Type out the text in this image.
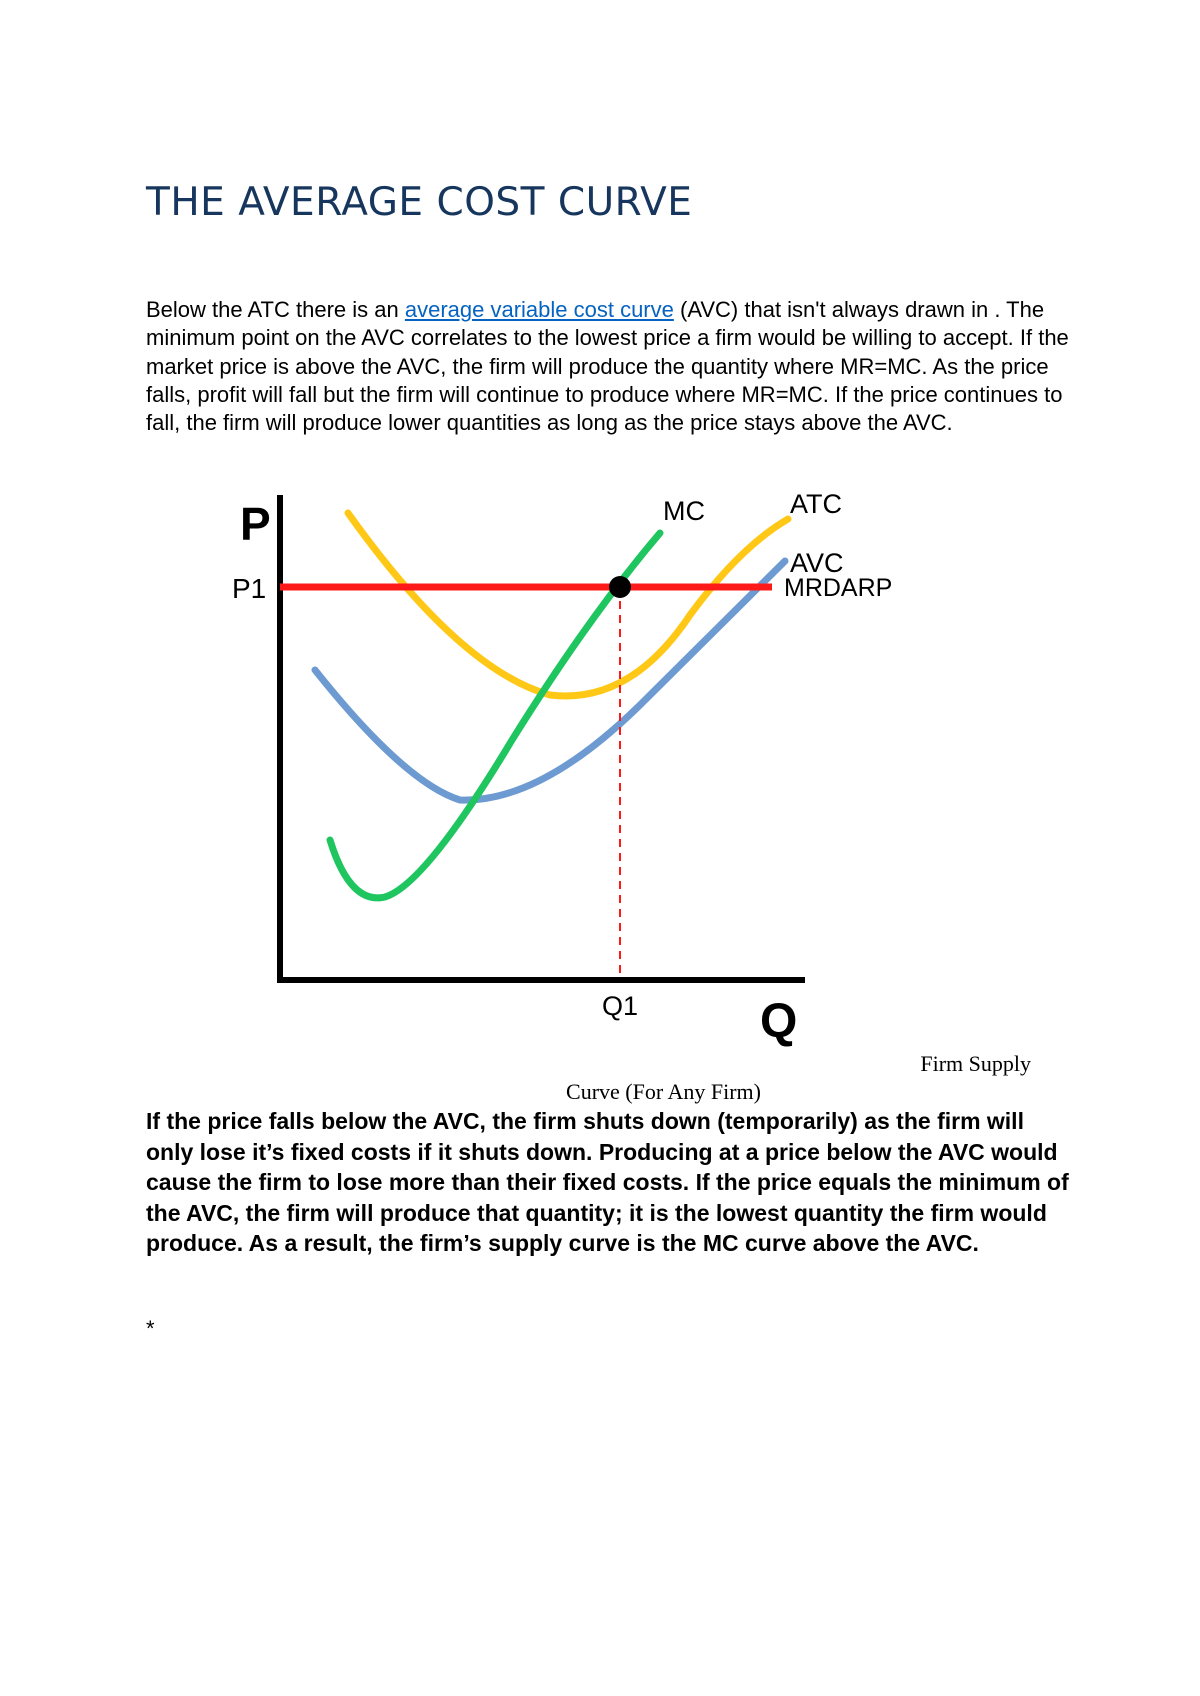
THE AVERAGE COST CURVE

Below the ATC there is an average variable cost curve (AVC) that isn't always drawn in . The minimum point on the AVC correlates to the lowest price a firm would be willing to accept. If the market price is above the AVC, the firm will produce the quantity where MR=MC. As the price falls, profit will fall but the firm will continue to produce where MR=MC. If the price continues to fall, the firm will produce lower quantities as long as the price stays above the AVC.

P
P1
Q1	Q
MC	ATC
AVC
MRDARP

Firm Supply
Curve (For Any Firm)

If the price falls below the AVC, the firm shuts down (temporarily) as the firm will only lose it’s fixed costs if it shuts down. Producing at a price below the AVC would cause the firm to lose more than their fixed costs. If the price equals the minimum of the AVC, the firm will produce that quantity; it is the lowest quantity the firm would produce. As a result, the firm’s supply curve is the MC curve above the AVC.

*
